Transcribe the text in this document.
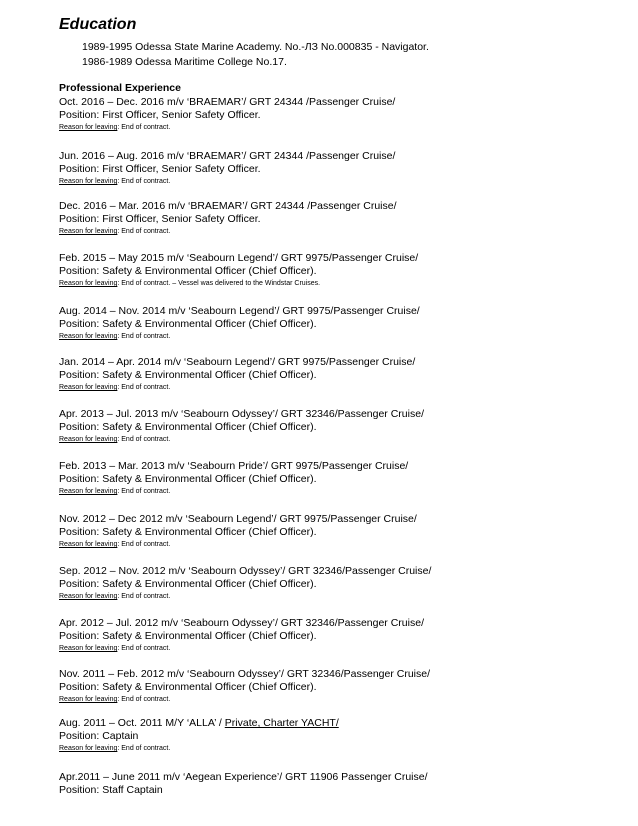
Education
1989-1995 Odessa State Marine Academy. No.-ЛЗ No.000835 - Navigator.
1986-1989 Odessa Maritime College No.17.
Professional Experience
Oct. 2016 – Dec. 2016 m/v ‘BRAEMAR’/ GRT 24344 /Passenger Cruise/
Position: First Officer, Senior Safety Officer.
Reason for leaving: End of contract.
Jun. 2016 – Aug. 2016 m/v ‘BRAEMAR’/ GRT 24344 /Passenger Cruise/
Position: First Officer, Senior Safety Officer.
Reason for leaving: End of contract.
Dec. 2016 – Mar. 2016 m/v ‘BRAEMAR’/ GRT 24344 /Passenger Cruise/
Position: First Officer, Senior Safety Officer.
Reason for leaving: End of contract.
Feb. 2015 – May 2015 m/v ‘Seabourn Legend’/ GRT 9975/Passenger Cruise/
Position: Safety & Environmental Officer (Chief Officer).
Reason for leaving: End of contract. – Vessel was delivered to the Windstar Cruises.
Aug. 2014 – Nov. 2014 m/v ‘Seabourn Legend’/ GRT 9975/Passenger Cruise/
Position: Safety & Environmental Officer (Chief Officer).
Reason for leaving: End of contract.
Jan. 2014 – Apr. 2014 m/v ‘Seabourn Legend’/ GRT 9975/Passenger Cruise/
Position: Safety & Environmental Officer (Chief Officer).
Reason for leaving: End of contract.
Apr. 2013 – Jul. 2013 m/v ‘Seabourn Odyssey’/ GRT 32346/Passenger Cruise/
Position: Safety & Environmental Officer (Chief Officer).
Reason for leaving: End of contract.
Feb. 2013 – Mar. 2013 m/v ‘Seabourn Pride’/ GRT 9975/Passenger Cruise/
Position: Safety & Environmental Officer (Chief Officer).
Reason for leaving: End of contract.
Nov. 2012 – Dec 2012 m/v ‘Seabourn Legend’/ GRT 9975/Passenger Cruise/
Position: Safety & Environmental Officer (Chief Officer).
Reason for leaving: End of contract.
Sep. 2012 – Nov. 2012 m/v ‘Seabourn Odyssey’/ GRT 32346/Passenger Cruise/
Position: Safety & Environmental Officer (Chief Officer).
Reason for leaving: End of contract.
Apr. 2012 – Jul. 2012 m/v ‘Seabourn Odyssey’/ GRT 32346/Passenger Cruise/
Position: Safety & Environmental Officer (Chief Officer).
Reason for leaving: End of contract.
Nov. 2011 – Feb. 2012 m/v ‘Seabourn Odyssey’/ GRT 32346/Passenger Cruise/
Position: Safety & Environmental Officer (Chief Officer).
Reason for leaving: End of contract.
Aug. 2011 – Oct. 2011 M/Y ‘ALLA’ / Private, Charter YACHT/
Position: Captain
Reason for leaving: End of contract.
Apr.2011 – June 2011 m/v ‘Aegean Experience’/ GRT 11906 Passenger Cruise/
Position: Staff Captain
